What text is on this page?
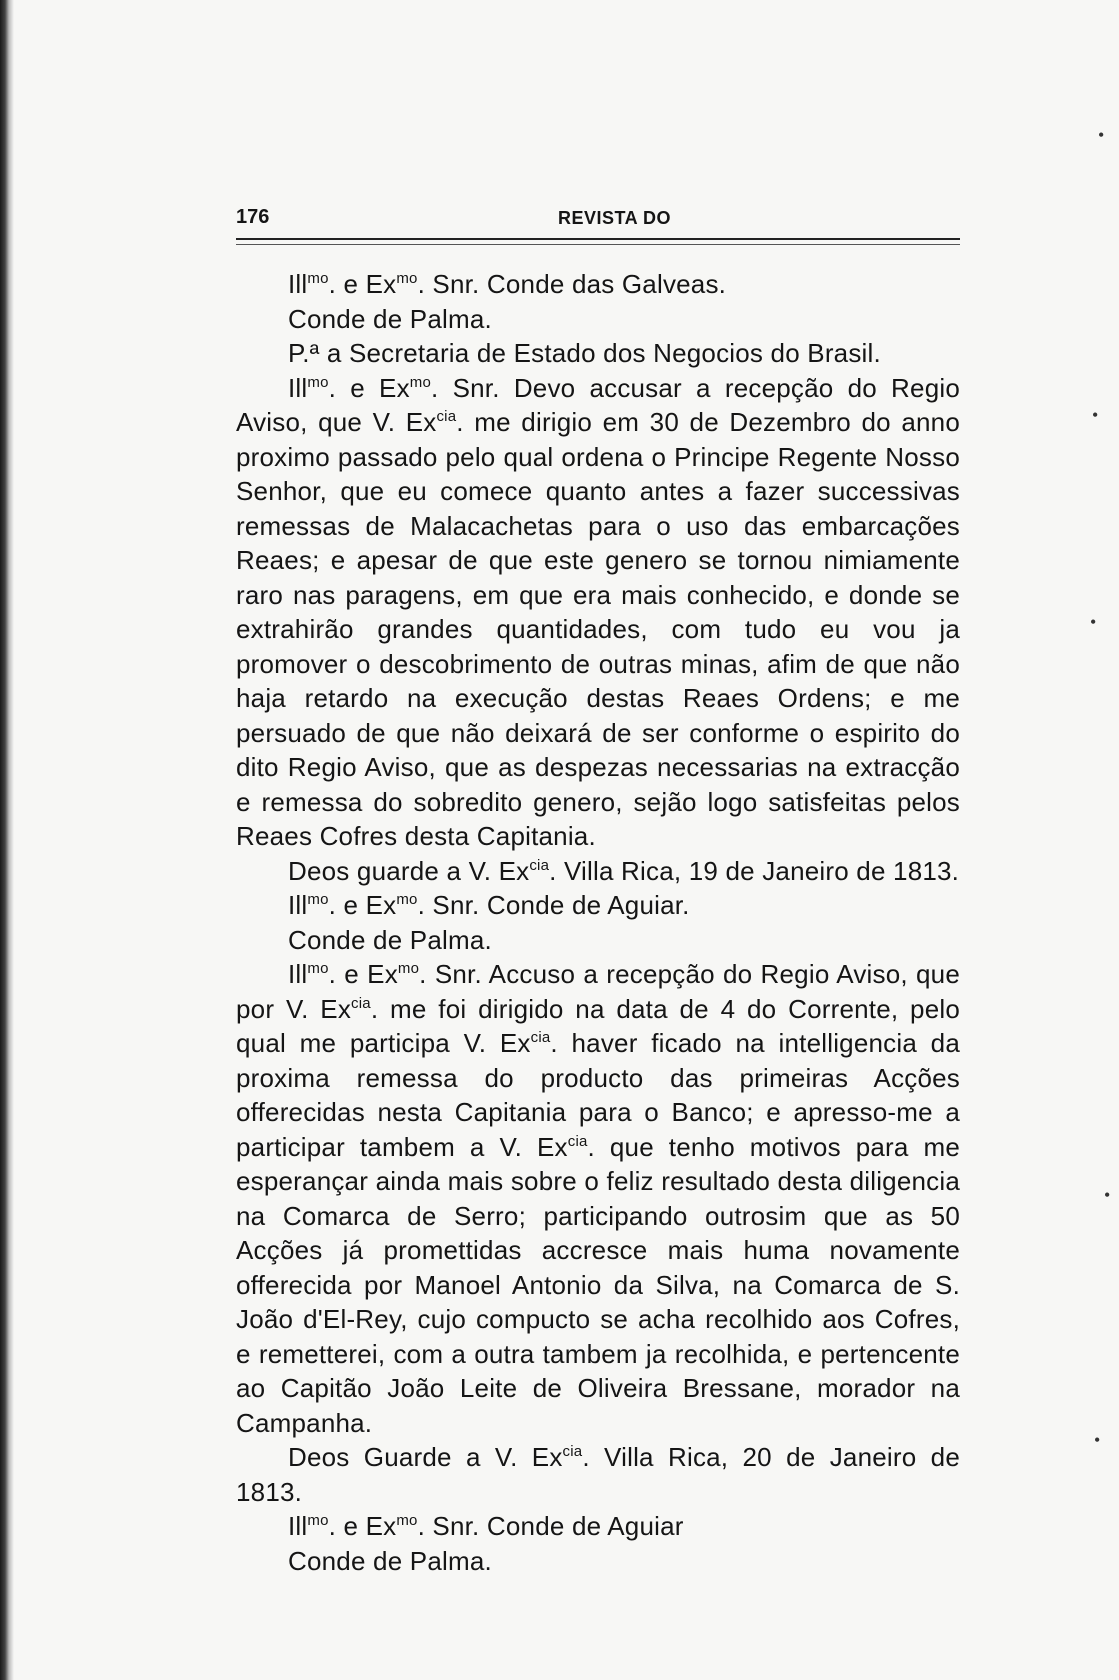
176	REVISTA DO

Ill$^{mo}$. e $Ex^{mo}$. Snr. Conde das Galveas.

Conde de Palma.

P.ª a Secretaria de Estado dos Negocios do Brasil.

Ill$^{mo}$. e $Ex^{mo}$. Snr. Devo accusar a recepção do Regio Aviso, que V. $Ex^{cia}$. me dirigio em 30 de Dezembro do anno proximo passado pelo qual ordena o Principe Regente Nosso Senhor, que eu comece quanto antes a fazer successivas remessas de Malacachetas para o uso das embarcações Reaes; e apesar de que este genero se tornou nimiamente raro nas paragens, em que era mais conhecido, e donde se extrahirão grandes quantidades, com tudo eu vou ja promover o descobrimento de outras minas, afim de que não haja retardo na execução destas Reaes Ordens; e me persuado de que não deixará de ser conforme o espirito do dito Regio Aviso, que as despezas necessarias na extracção e remessa do sobredito genero, sejão logo satisfeitas pelos Reaes Cofres desta Capitania.

Deos guarde a V. $Ex^{cia}$. Villa Rica, 19 de Janeiro de 1813.

Ill$^{mo}$. e $Ex^{mo}$. Snr. Conde de Aguiar.

Conde de Palma.

Ill$^{mo}$. e $Ex^{mo}$. Snr. Accuso a recepção do Regio Aviso, que por V. $Ex^{cia}$. me foi dirigido na data de 4 do Corrente, pelo qual me participa V. $Ex^{cia}$. haver ficado na intelligencia da proxima remessa do producto das primeiras Acções offerecidas nesta Capitania para o Banco; e apresso-me a participar tambem a V. $Ex^{cia}$. que tenho motivos para me esperançar ainda mais sobre o feliz resultado desta diligencia na Comarca de Serro; participando outrosim que as 50 Acções já promettidas accresce mais huma novamente offerecida por Manoel Antonio da Silva, na Comarca de S. João d'El-Rey, cujo compucto se acha recolhido aos Cofres, e remetterei, com a outra tambem ja recolhida, e pertencente ao Capitão João Leite de Oliveira Bressane, morador na Campanha.

Deos Guarde a V. $Ex^{cia}$. Villa Rica, 20 de Janeiro de 1813.

Ill$^{mo}$. e $Ex^{mo}$. Snr. Conde de Aguiar

Conde de Palma.

•
•
•
•
•
